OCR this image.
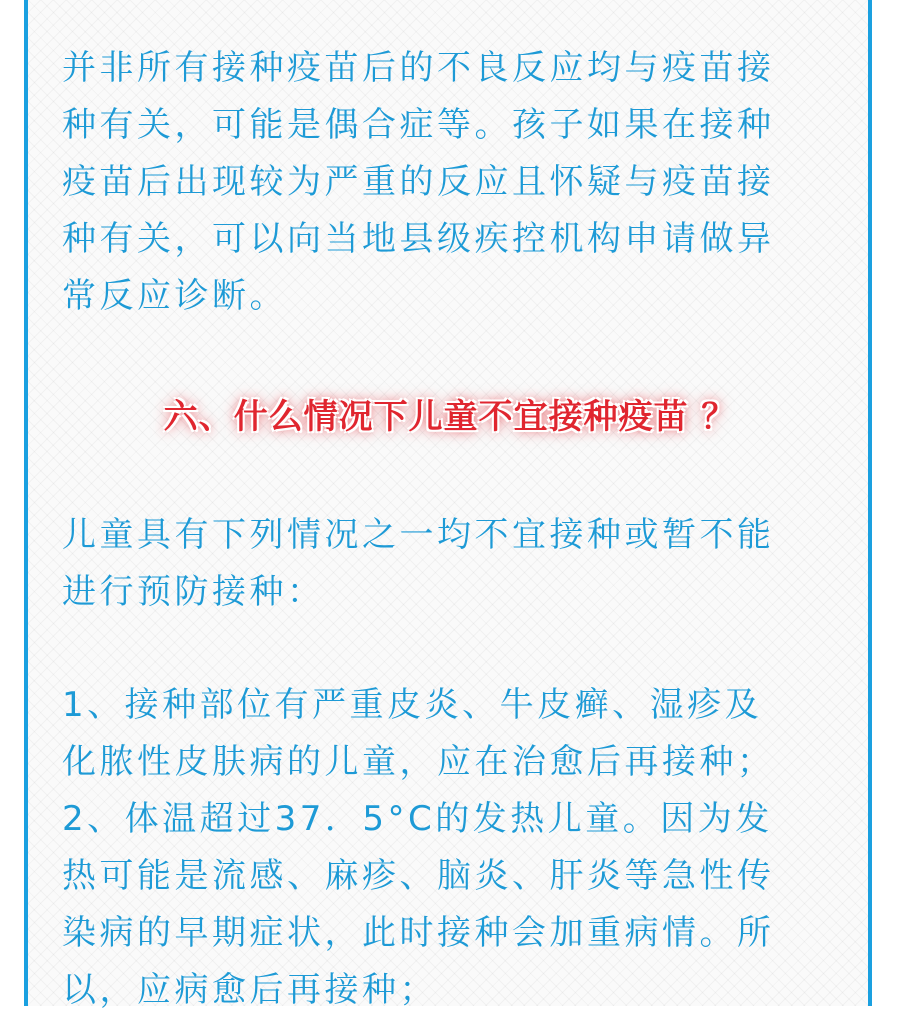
并非所有接种疫苗后的不良反应均与疫苗接
种有关，可能是偶合症等。孩子如果在接种
疫苗后出现较为严重的反应且怀疑与疫苗接
种有关，可以向当地县级疾控机构申请做异
常反应诊断。
六、什么情况下儿童不宜接种疫苗 ？
儿童具有下列情况之一均不宜接种或暂不能
进行预防接种：
1、接种部位有严重皮炎、牛皮癣、湿疹及
化脓性皮肤病的儿童，应在治愈后再接种；
2、体温超过37．5°C的发热儿童。因为发
热可能是流感、麻疹、脑炎、肝炎等急性传
染病的早期症状，此时接种会加重病情。所
以，应病愈后再接种；
